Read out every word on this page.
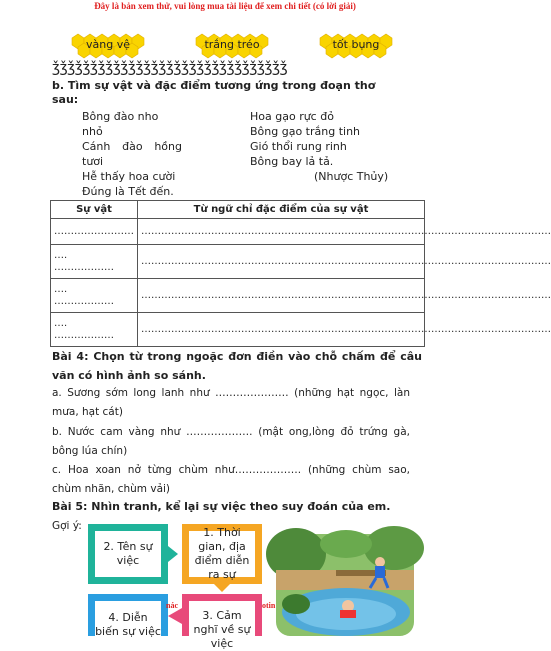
Đây là bản xem thử, vui lòng mua tài liệu để xem chi tiết (có lời giải)
vàng vệ	trắng tréo	tốt bụng
ǯǯǯǯǯǯǯǯǯǯǯǯǯǯǯǯǯǯǯǯǯǯǯǯǯǯǯǯǯǯǯ
b. Tìm sự vật và đặc điểm tương ứng trong đoạn thơ sau:
Bông đào nho nhỏ
Cánh đào hồng
tươi
Hễ thấy hoa cười
Đúng là Tết đến.
Hoa gạo rực đỏ
Bông gạo trắng tinh
Gió thổi rung rinh
Bông bay lả tả.
(Nhược Thủy)
Sự vật	Từ ngữ chỉ đặc điểm của sự vật
……………………	……………………………………………………………………………………………………………
….
………………	……………………………………………………………………………………………………………
….
………………	……………………………………………………………………………………………………………
….
………………	……………………………………………………………………………………………………………
Bài 4: Chọn từ trong ngoặc đơn điền vào chỗ chấm để câu văn có hình ảnh so sánh.
a. Sương sớm long lanh như ………………… (những hạt ngọc, làn mưa, hạt cát)
b. Nước cam vàng như ………………. (mật ong,lòng đỏ trứng gà, bông lúa chín)
c. Hoa xoan nở từng chùm như………………. (những chùm sao, chùm nhãn, chùm vải)
Bài 5: Nhìn tranh, kể lại sự việc theo suy đoán của em.
Gợi ý:
2. Tên sự việc
1. Thời gian, địa điểm diễn ra sự
4. Diễn biến sự việc
3. Cảm nghĩ về sự việc
nác	otin
